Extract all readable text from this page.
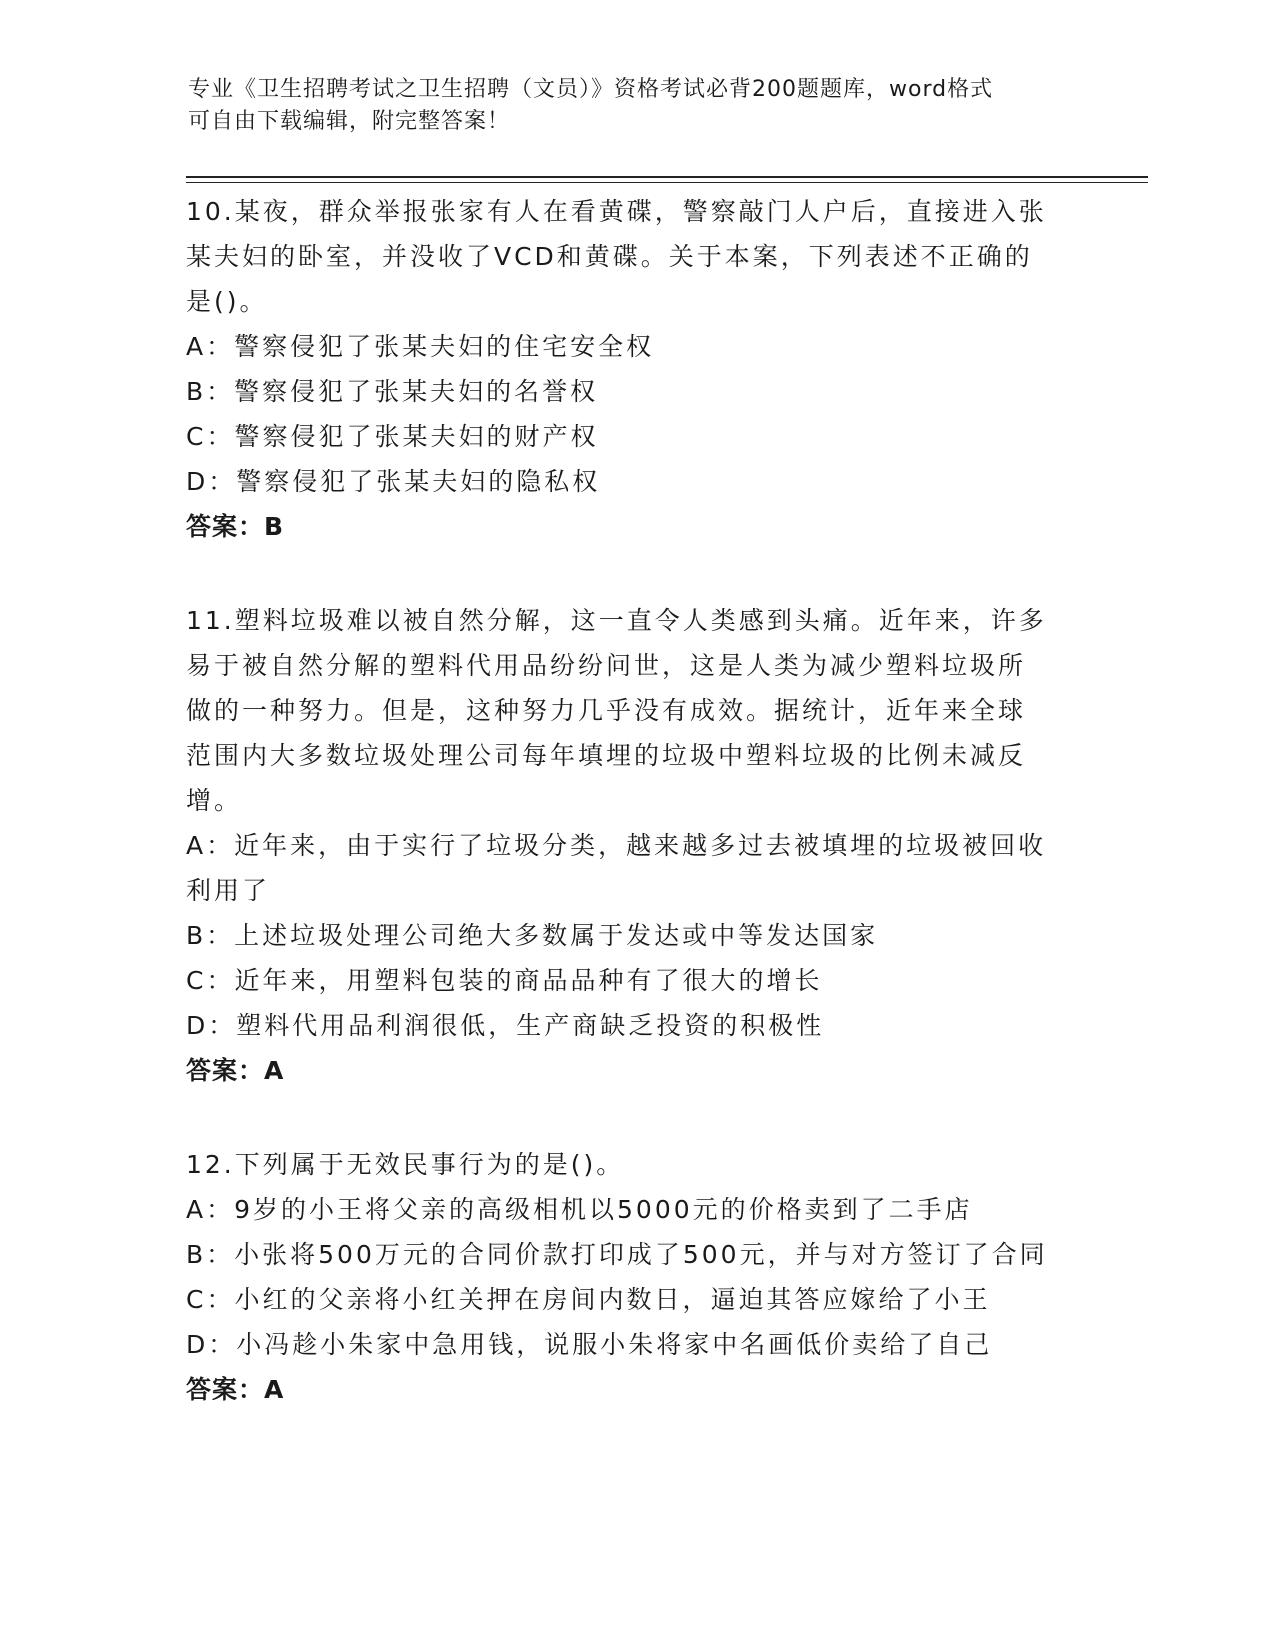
专业《卫生招聘考试之卫生招聘（文员）》资格考试必背200题题库，word格式
可自由下载编辑，附完整答案！
10.某夜，群众举报张家有人在看黄碟，警察敲门人户后，直接进入张
某夫妇的卧室，并没收了VCD和黄碟。关于本案，下列表述不正确的
是()。
A：警察侵犯了张某夫妇的住宅安全权
B：警察侵犯了张某夫妇的名誉权
C：警察侵犯了张某夫妇的财产权
D：警察侵犯了张某夫妇的隐私权
答案：B
11.塑料垃圾难以被自然分解，这一直令人类感到头痛。近年来，许多
易于被自然分解的塑料代用品纷纷问世，这是人类为减少塑料垃圾所
做的一种努力。但是，这种努力几乎没有成效。据统计，近年来全球
范围内大多数垃圾处理公司每年填埋的垃圾中塑料垃圾的比例未减反
增。
A：近年来，由于实行了垃圾分类，越来越多过去被填埋的垃圾被回收
利用了
B：上述垃圾处理公司绝大多数属于发达或中等发达国家
C：近年来，用塑料包装的商品品种有了很大的增长
D：塑料代用品利润很低，生产商缺乏投资的积极性
答案：A
12.下列属于无效民事行为的是()。
A：9岁的小王将父亲的高级相机以5000元的价格卖到了二手店
B：小张将500万元的合同价款打印成了500元，并与对方签订了合同
C：小红的父亲将小红关押在房间内数日，逼迫其答应嫁给了小王
D：小冯趁小朱家中急用钱，说服小朱将家中名画低价卖给了自己
答案：A
